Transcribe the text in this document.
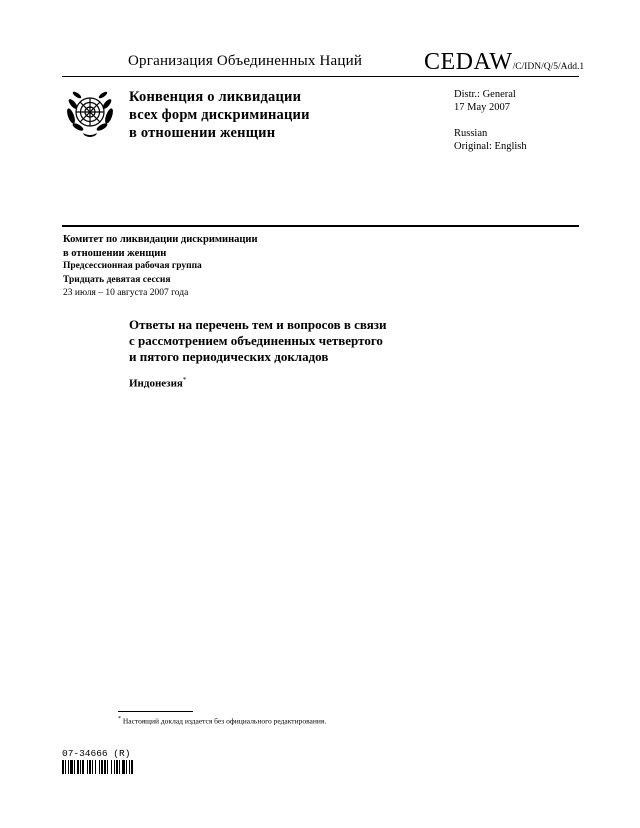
Организация Объединенных Наций	CEDAW/C/IDN/Q/5/Add.1
Конвенция о ликвидации
всех форм дискриминации
в отношении женщин
Distr.: General
17 May 2007
Russian
Original: English
Комитет по ликвидации дискриминации
в отношении женщин
Предсессионная рабочая группа
Тридцать девятая сессия
23 июля – 10 августа 2007 года
Ответы на перечень тем и вопросов в связи
с рассмотрением объединенных четвертого
и пятого периодических докладов
Индонезия*
* Настоящий доклад издается без официального редактирования.
07-34666 (R)
